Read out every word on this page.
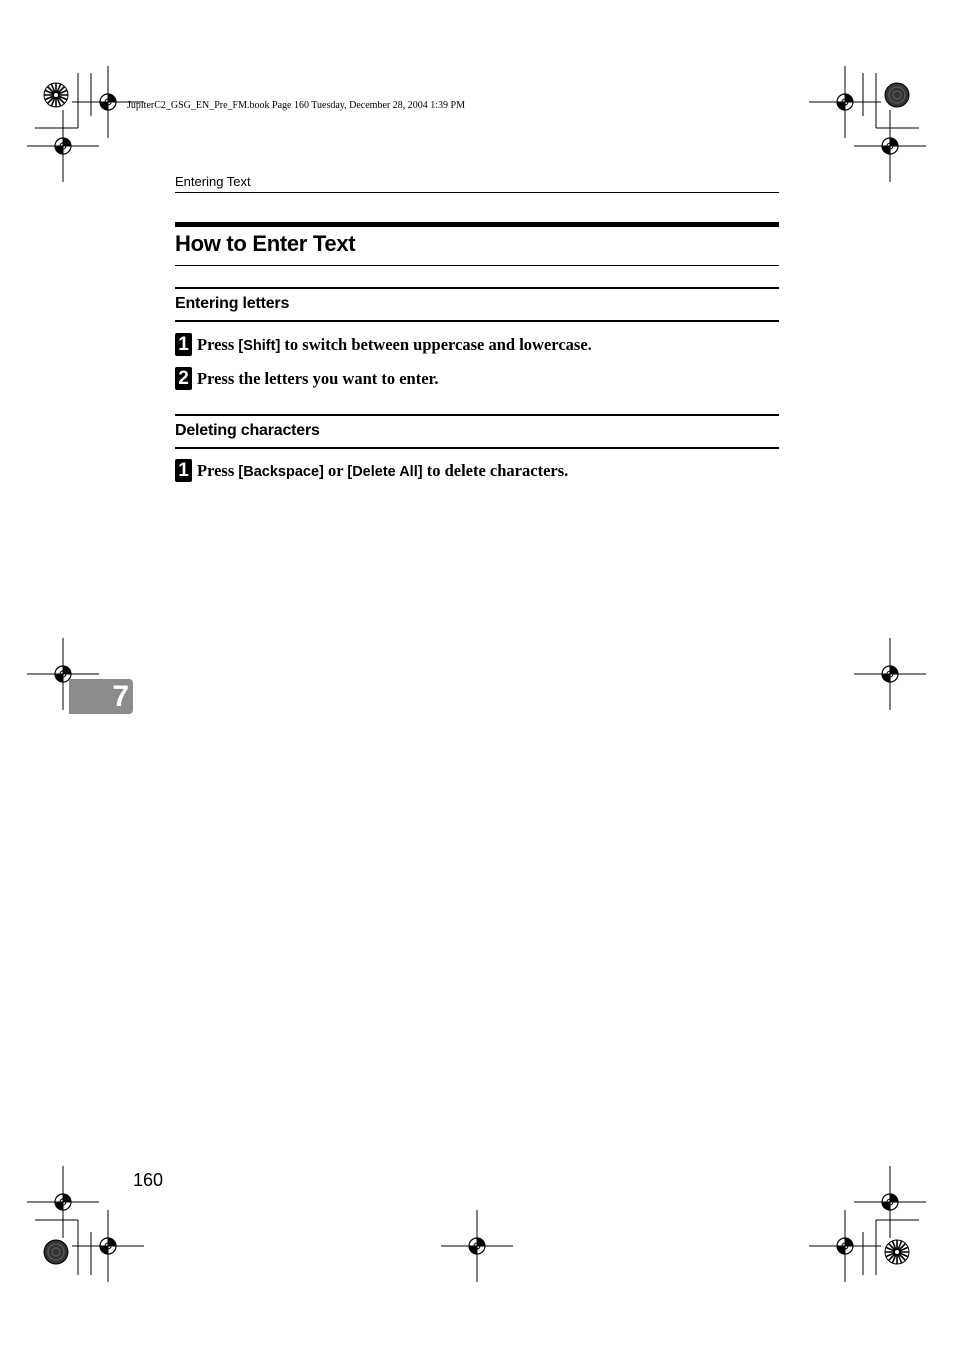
JupiterC2_GSG_EN_Pre_FM.book Page 160 Tuesday, December 28, 2004 1:39 PM
Entering Text
How to Enter Text
Entering letters
1 Press [Shift] to switch between uppercase and lowercase.
2 Press the letters you want to enter.
Deleting characters
1 Press [Backspace] or [Delete All] to delete characters.
7
160
